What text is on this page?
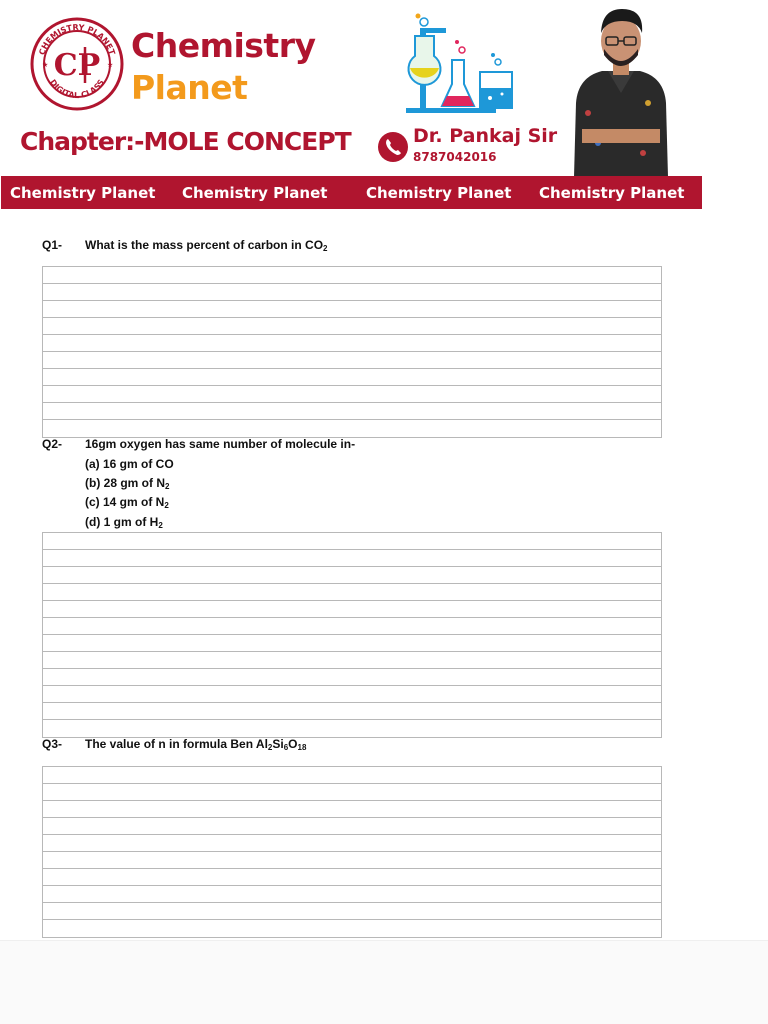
CHEMISTRY PLANET
DIGITAL CLASS
★	★
CP
Chemistry
Planet
Chapter:-MOLE CONCEPT	Dr. Pankaj Sir
8787042016
Chemistry Planet Chemistry Planet	Chemistry Planet Chemistry Planet
Q1- What is the mass percent of carbon in $CO_2$
Q2- 16gm oxygen has same number of molecule in-
(a) 16 gm of CO
(b) 28 gm of $N_2$
(c) 14 gm of $N_2$
(d) 1 gm of $H_2$
Q3- The value of n in formula Ben $Al_2Si_6O_{18}$
